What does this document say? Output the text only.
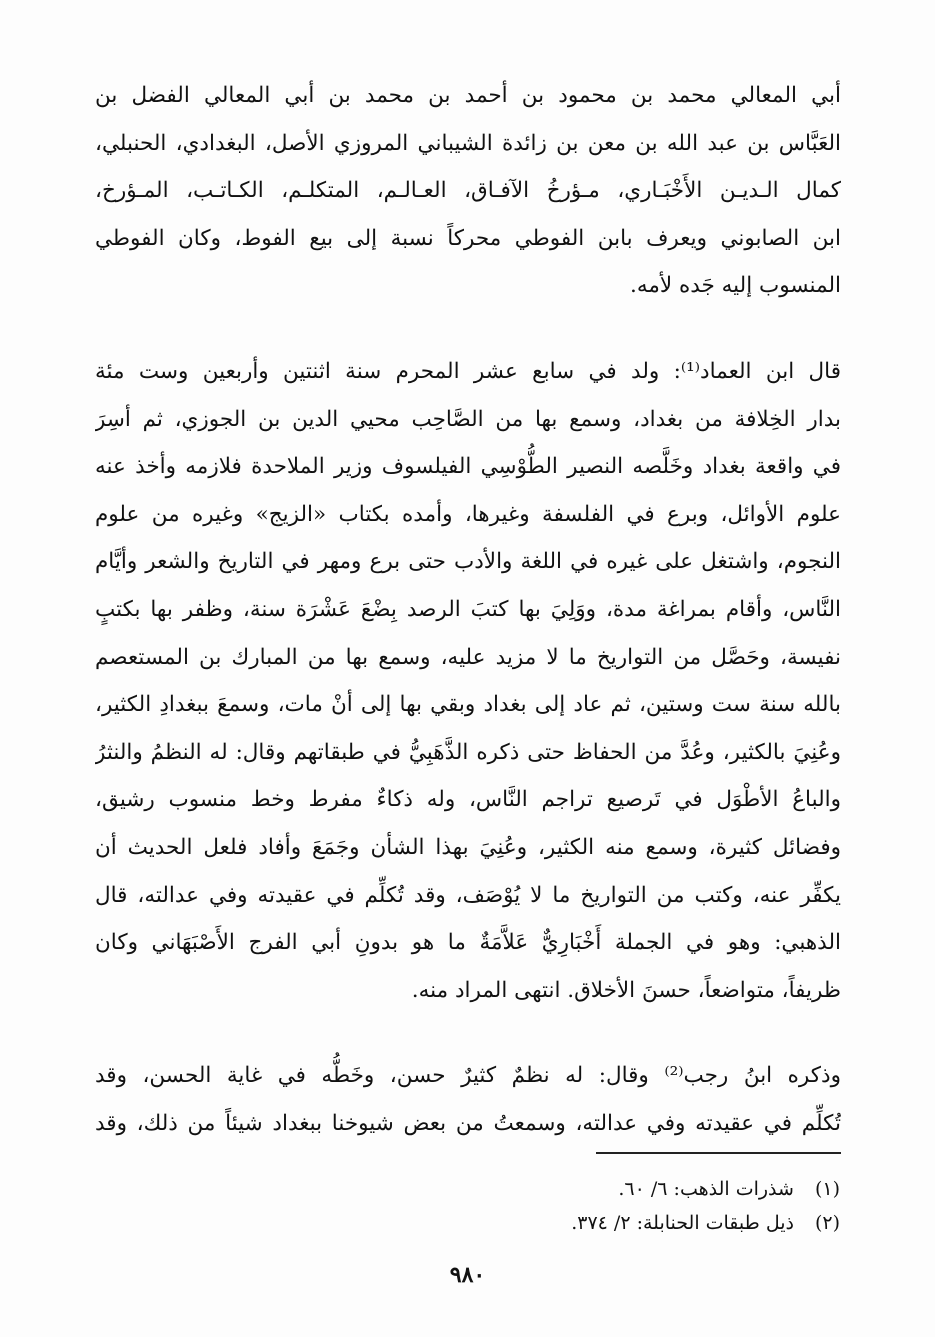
أبي المعالي محمد بن محمود بن أحمد بن محمد بن أبي المعالي الفضل بن
العَبَّاس بن عبد الله بن معن بن زائدة الشيباني المروزي الأصل، البغدادي، الحنبلي،
كمال الـديـن الأَخْبَـاري، مـؤرخُ الآفـاق، العـالـم، المتكلـم، الكـاتـب، المـؤرخ،
ابن الصابوني ويعرف بابن الفوطي محركاً نسبة إلى بيع الفوط، وكان الفوطي
المنسوب إليه جَده لأمه.
قال ابن العماد⁽¹⁾: ولد في سابع عشر المحرم سنة اثنتين وأربعين وست مئة
بدار الخِلافة من بغداد، وسمع بها من الصَّاحِب محيي الدين بن الجوزي، ثم أسِرَ
في واقعة بغداد وخَلَّصه النصير الطُّوْسِي الفيلسوف وزير الملاحدة فلازمه وأخذ عنه
علوم الأوائل، وبرع في الفلسفة وغيرها، وأمده بكتاب «الزيج» وغيره من علوم
النجوم، واشتغل على غيره في اللغة والأدب حتى برع ومهر في التاريخ والشعر وأيَّام
النَّاس، وأقام بمراغة مدة، ووَلِيَ بها كتبَ الرصد بِضْعَ عَشْرَة سنة، وظفر بها بكتبٍ
نفيسة، وحَصَّل من التواريخ ما لا مزيد عليه، وسمع بها من المبارك بن المستعصم
بالله سنة ست وستين، ثم عاد إلى بغداد وبقي بها إلى أنْ مات، وسمعَ ببغدادِ الكثير،
وعُنِيَ بالكثير، وعُدَّ من الحفاظ حتى ذكره الذَّهَبِيُّ في طبقاتهم وقال: له النظمُ والنثرُ
والباعُ الأطْوَل في تَرصيع تراجم النَّاس، وله ذكاءٌ مفرط وخط منسوب رشيق،
وفضائل كثيرة، وسمع منه الكثير، وعُنِيَ بهذا الشأن وجَمَعَ وأفاد فلعل الحديث أن
يكفِّر عنه، وكتب من التواريخ ما لا يُوْصَف، وقد تُكلِّم في عقيدته وفي عدالته، قال
الذهبي: وهو في الجملة أَخْبَارِيٌّ عَلاَّمَةٌ ما هو بدونِ أبي الفرج الأَصْبَهَاني وكان
ظريفاً، متواضعاً، حسنَ الأخلاق. انتهى المراد منه.
وذكره ابنُ رجب⁽²⁾ وقال: له نظمٌ كثيرٌ حسن، وخَطُّه في غاية الحسن، وقد
تُكلِّم في عقيدته وفي عدالته، وسمعتُ من بعض شيوخنا ببغداد شيئاً من ذلك، وقد
(١) شذرات الذهب: ٦/ ٦٠.
(٢) ذيل طبقات الحنابلة: ٢/ ٣٧٤.
٩٨٠
